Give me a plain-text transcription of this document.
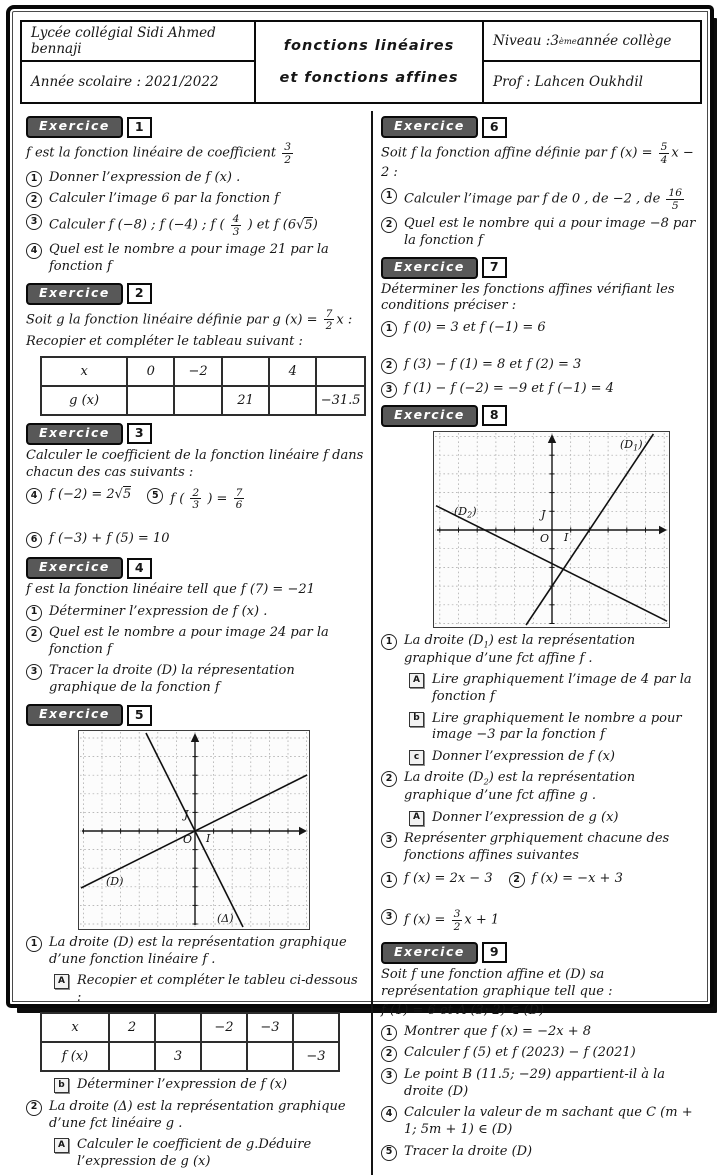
Lycée collégial Sidi Ahmed bennaji
Année scolaire : 2021/2022
fonctions linéaires
et fonctions affines
Niveau :3 ème année collège
Prof : Lahcen Oukhdil
Exercice	1
f est la fonction linéaire de coefficient $\frac{3}{2}$
1 Donner l’expression de f (x) .
2 Calculer l’image 6 par la fonction f
3 Calculer f (−8) ; f (−4) ; f ( $\frac{4}{3}$ ) et f (6√5)
4 Quel est le nombre a pour image 21 par la fonction f
Exercice	2
Soit g la fonction linéaire définie par g $(x) = \frac{7}{2}$ x :
Recopier et compléter le tableau suivant :
x	0	−2		4	
g (x)			21		−31.5
Exercice	3
Calculer le coefficient de la fonction linéaire f dans chacun des cas suivants :
4 f (−2) = 2√5	5 f ( $\frac{2}{3}$ ) = $\frac{7}{6}$
6 f (−3) + f (5) = 10
Exercice	4
f est la fonction linéaire tell que f (7) = −21
1 Déterminer l’expression de f (x) .
2 Quel est le nombre a pour image 24 par la fonction f
3 Tracer la droite (D) la répresentation graphique de la fonction f
Exercice	5
(D)
(Δ)
O I
J
1 La droite (D) est la représentation graphique d’une fonction linéaire f .
A Recopier et compléter le tableu ci-dessous :
x	2		−2	−3	
f (x)		3			−3
b Déterminer l’expression de f (x)
2 La droite (Δ) est la représentation graphique d’une fct linéaire g .
A Calculer le coefficient de g.Déduire l’expression de g (x)
Exercice	6
Soit f la fonction affine définie par f $(x) = \frac{5}{4}$ x − 2 :
1 Calculer l’image par f de 0 , de −2 , de $\frac{16}{5}$
2 Quel est le nombre qui a pour image −8 par la fonction f
Exercice	7
Déterminer les fonctions affines vérifiant les conditions préciser :
1 f (0) = 3 et f (−1) = 6
2 f (3) − f (1) = 8 et f (2) = 3
3 f (1) − f (−2) = −9 et f (−1) = 4
Exercice	8
$(D_1)$
$(D_2)$
O I
J
1 La droite $(D_1)$ est la représentation graphique d’une fct affine f .
A Lire graphiquement l’image de 4 par la fonction f
b Lire graphiquement le nombre a pour image −3 par la fonction f
c Donner l’expression de f (x)
2 La droite $(D_2)$ est la représentation graphique d’une fct affine g .
A Donner l’expression de g (x)
3 Représenter grphiquement chacune des fonctions affines suivantes
1 f (x) = 2x − 3	2 f (x) = −x + 3
3 f $(x) = \frac{3}{2}$ x + 1
Exercice	9
Soit f une fonction affine et (D) sa représentation graphique tell que :
f (1) = 6 et A (3; 2) ∈ (D)
1 Montrer que f (x) = −2x + 8
2 Calculer f (5) et f (2023) − f (2021)
3 Le point B (11.5; −29) appartient-il à la droite (D)
4 Calculer la valeur de m sachant que C (m + 1; 5m + 1) ∈ (D)
5 Tracer la droite (D)
